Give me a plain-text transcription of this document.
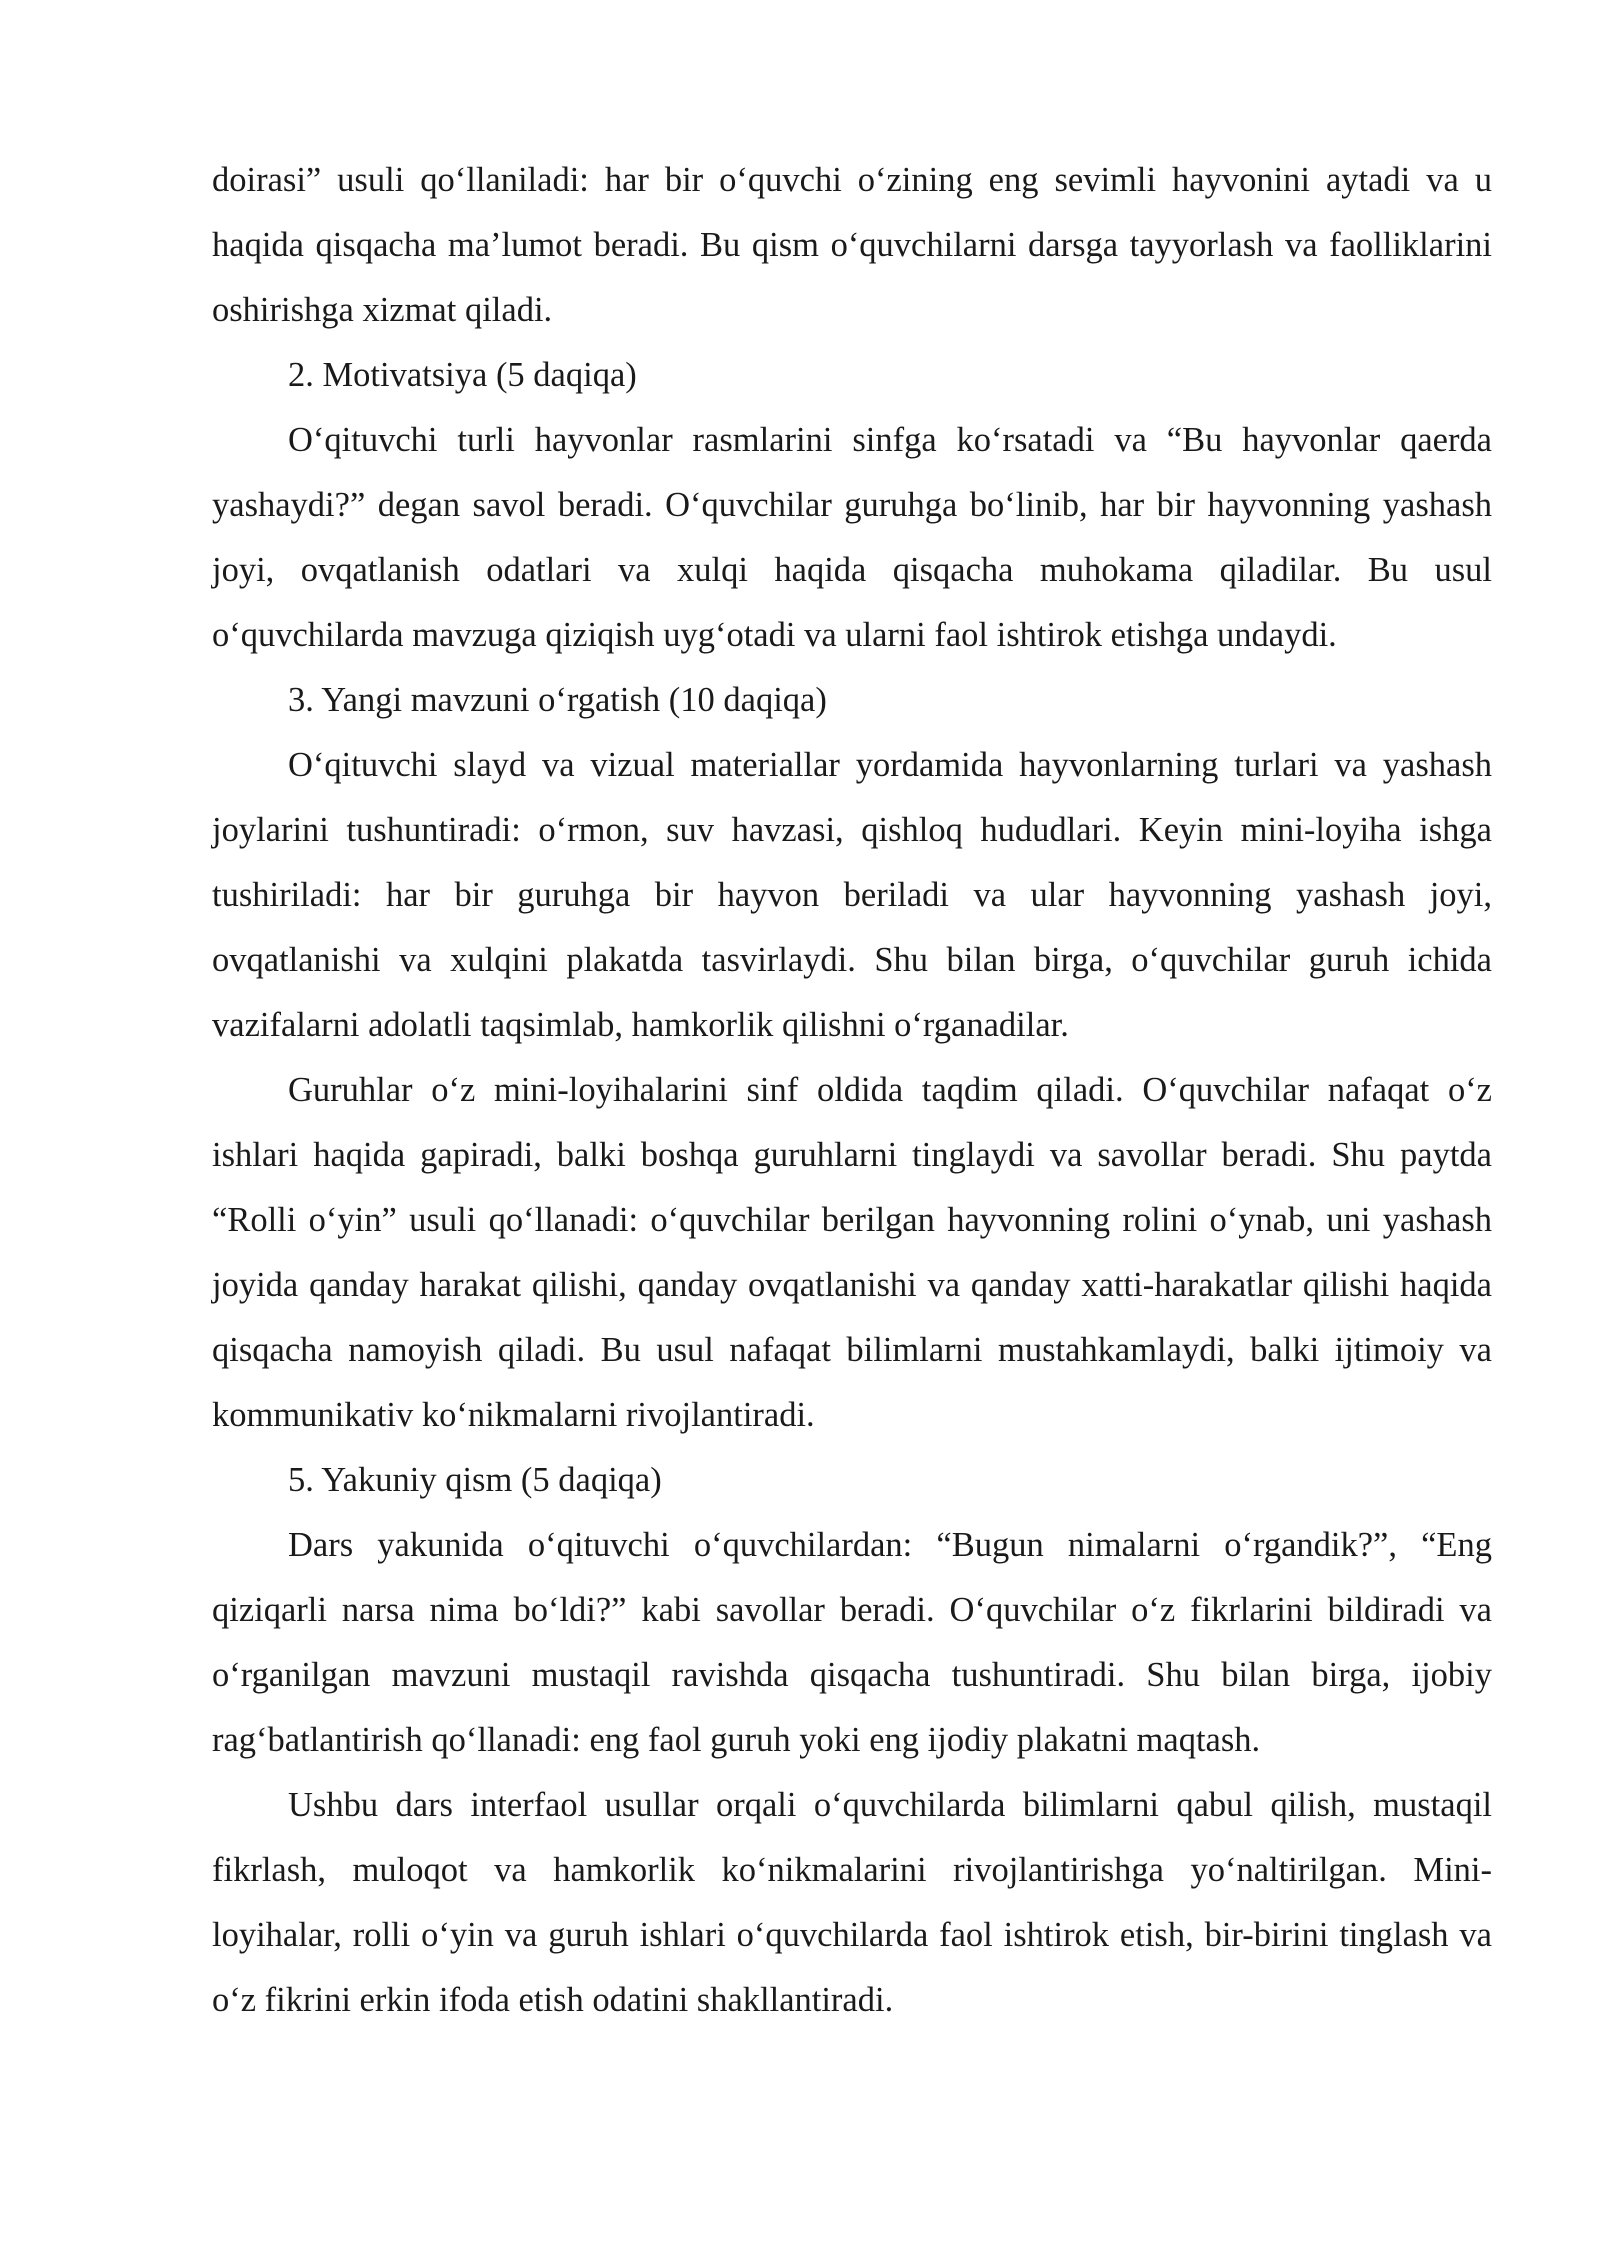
doirasi” usuli qo‘llaniladi: har bir o‘quvchi o‘zining eng sevimli hayvonini aytadi va u haqida qisqacha ma’lumot beradi. Bu qism o‘quvchilarni darsga tayyorlash va faolliklarini oshirishga xizmat qiladi.

2. Motivatsiya (5 daqiqa)

O‘qituvchi turli hayvonlar rasmlarini sinfga ko‘rsatadi va “Bu hayvonlar qaerda yashaydi?” degan savol beradi. O‘quvchilar guruhga bo‘linib, har bir hayvonning yashash joyi, ovqatlanish odatlari va xulqi haqida qisqacha muhokama qiladilar. Bu usul o‘quvchilarda mavzuga qiziqish uyg‘otadi va ularni faol ishtirok etishga undaydi.

3. Yangi mavzuni o‘rgatish (10 daqiqa)

O‘qituvchi slayd va vizual materiallar yordamida hayvonlarning turlari va yashash joylarini tushuntiradi: o‘rmon, suv havzasi, qishloq hududlari. Keyin mini-loyiha ishga tushiriladi: har bir guruhga bir hayvon beriladi va ular hayvonning yashash joyi, ovqatlanishi va xulqini plakatda tasvirlaydi. Shu bilan birga, o‘quvchilar guruh ichida vazifalarni adolatli taqsimlab, hamkorlik qilishni o‘rganadilar.

Guruhlar o‘z mini-loyihalarini sinf oldida taqdim qiladi. O‘quvchilar nafaqat o‘z ishlari haqida gapiradi, balki boshqa guruhlarni tinglaydi va savollar beradi. Shu paytda “Rolli o‘yin” usuli qo‘llanadi: o‘quvchilar berilgan hayvonning rolini o‘ynab, uni yashash joyida qanday harakat qilishi, qanday ovqatlanishi va qanday xatti-harakatlar qilishi haqida qisqacha namoyish qiladi. Bu usul nafaqat bilimlarni mustahkamlaydi, balki ijtimoiy va kommunikativ ko‘nikmalarni rivojlantiradi.

5. Yakuniy qism (5 daqiqa)

Dars yakunida o‘qituvchi o‘quvchilardan: “Bugun nimalarni o‘rgandik?”, “Eng qiziqarli narsa nima bo‘ldi?” kabi savollar beradi. O‘quvchilar o‘z fikrlarini bildiradi va o‘rganilgan mavzuni mustaqil ravishda qisqacha tushuntiradi. Shu bilan birga, ijobiy rag‘batlantirish qo‘llanadi: eng faol guruh yoki eng ijodiy plakatni maqtash.

Ushbu dars interfaol usullar orqali o‘quvchilarda bilimlarni qabul qilish, mustaqil fikrlash, muloqot va hamkorlik ko‘nikmalarini rivojlantirishga yo‘naltirilgan. Mini-loyihalar, rolli o‘yin va guruh ishlari o‘quvchilarda faol ishtirok etish, bir-birini tinglash va o‘z fikrini erkin ifoda etish odatini shakllantiradi.
